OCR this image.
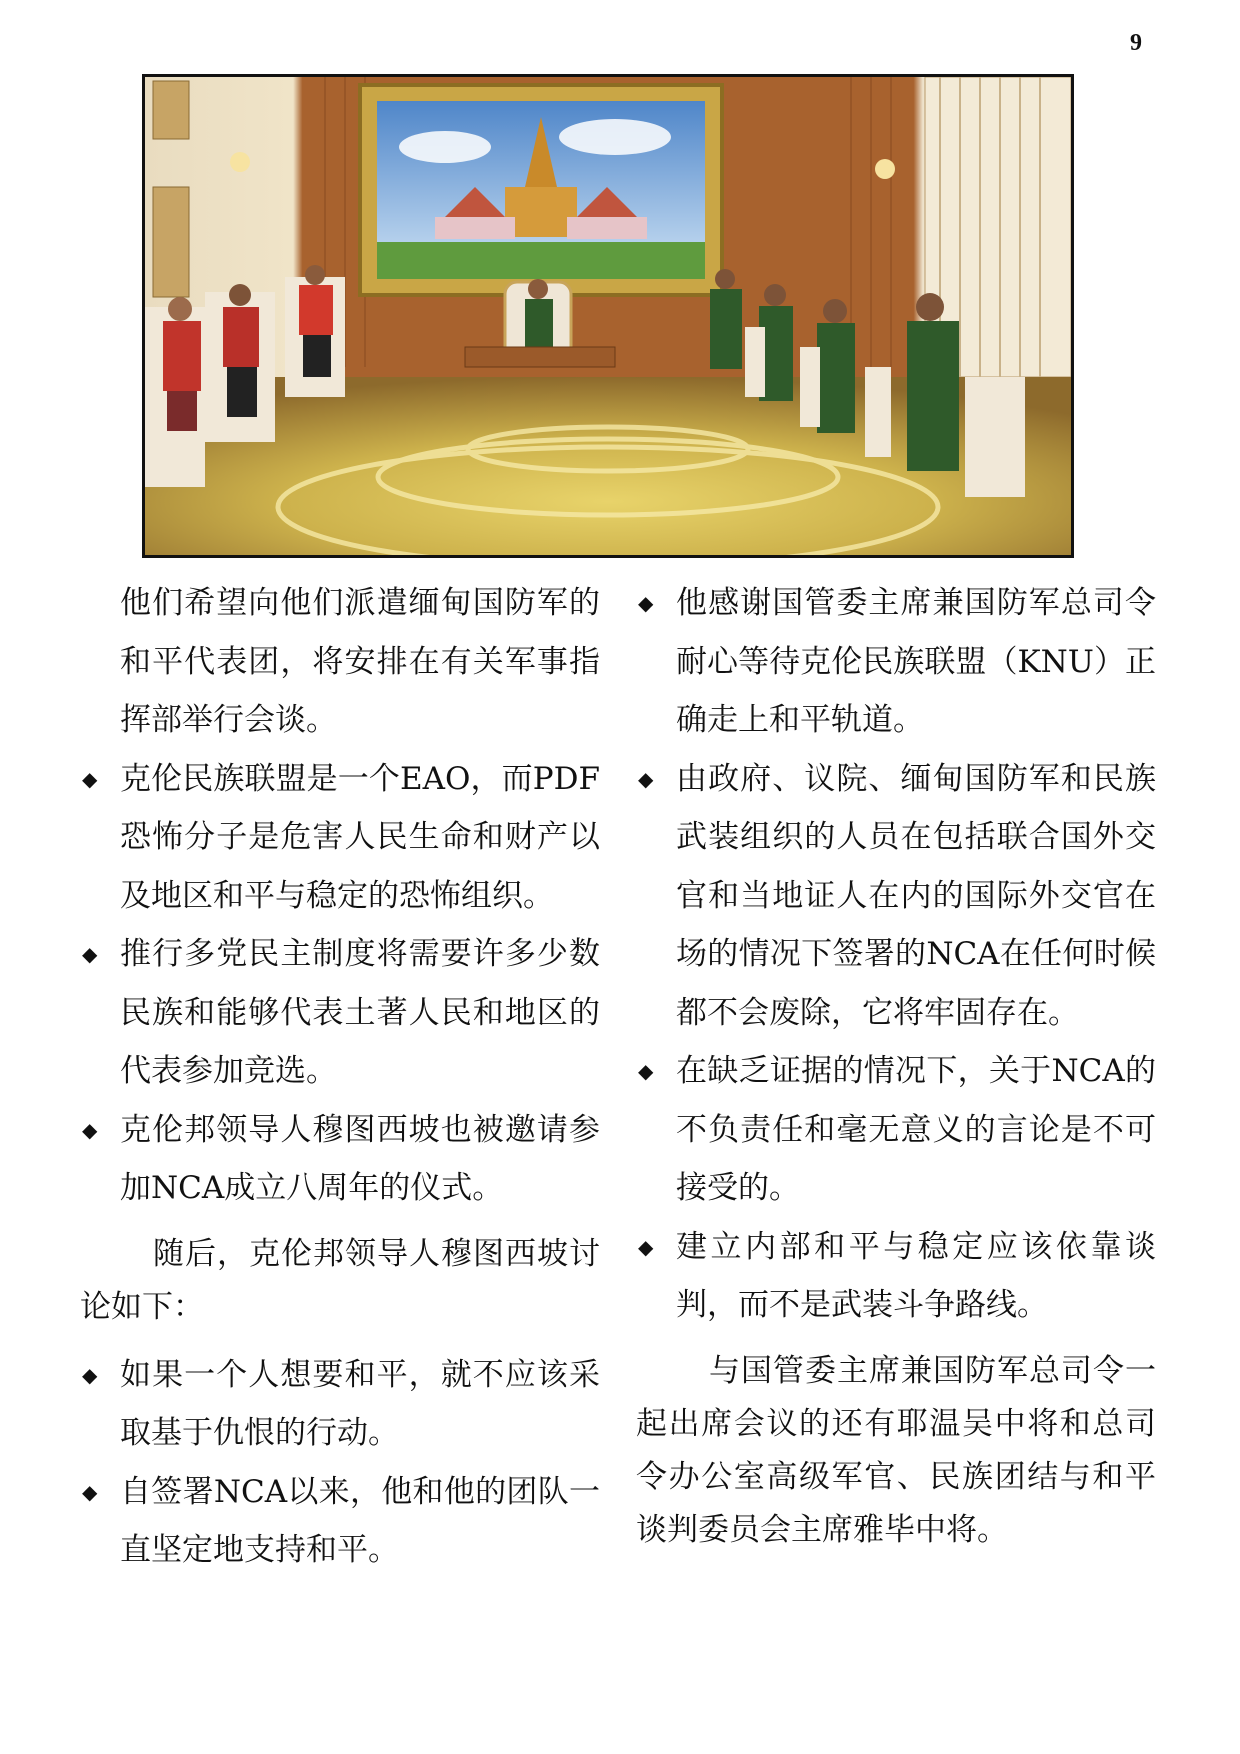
9
他们希望向他们派遣缅甸国防军的和平代表团，将安排在有关军事指挥部举行会谈。
◆ 克伦民族联盟是一个EAO，而PDF恐怖分子是危害人民生命和财产以及地区和平与稳定的恐怖组织。
◆ 推行多党民主制度将需要许多少数民族和能够代表土著人民和地区的代表参加竞选。
◆ 克伦邦领导人穆图西坡也被邀请参加NCA成立八周年的仪式。

随后，克伦邦领导人穆图西坡讨论如下：

◆ 如果一个人想要和平，就不应该采取基于仇恨的行动。
◆ 自签署NCA以来，他和他的团队一直坚定地支持和平。
◆ 他感谢国管委主席兼国防军总司令耐心等待克伦民族联盟（KNU）正确走上和平轨道。
◆ 由政府、议院、缅甸国防军和民族武装组织的人员在包括联合国外交官和当地证人在内的国际外交官在场的情况下签署的NCA在任何时候都不会废除，它将牢固存在。
◆ 在缺乏证据的情况下，关于NCA的不负责任和毫无意义的言论是不可接受的。
◆ 建立内部和平与稳定应该依靠谈判，而不是武装斗争路线。

与国管委主席兼国防军总司令一起出席会议的还有耶温吴中将和总司令办公室高级军官、民族团结与和平谈判委员会主席雅毕中将。
